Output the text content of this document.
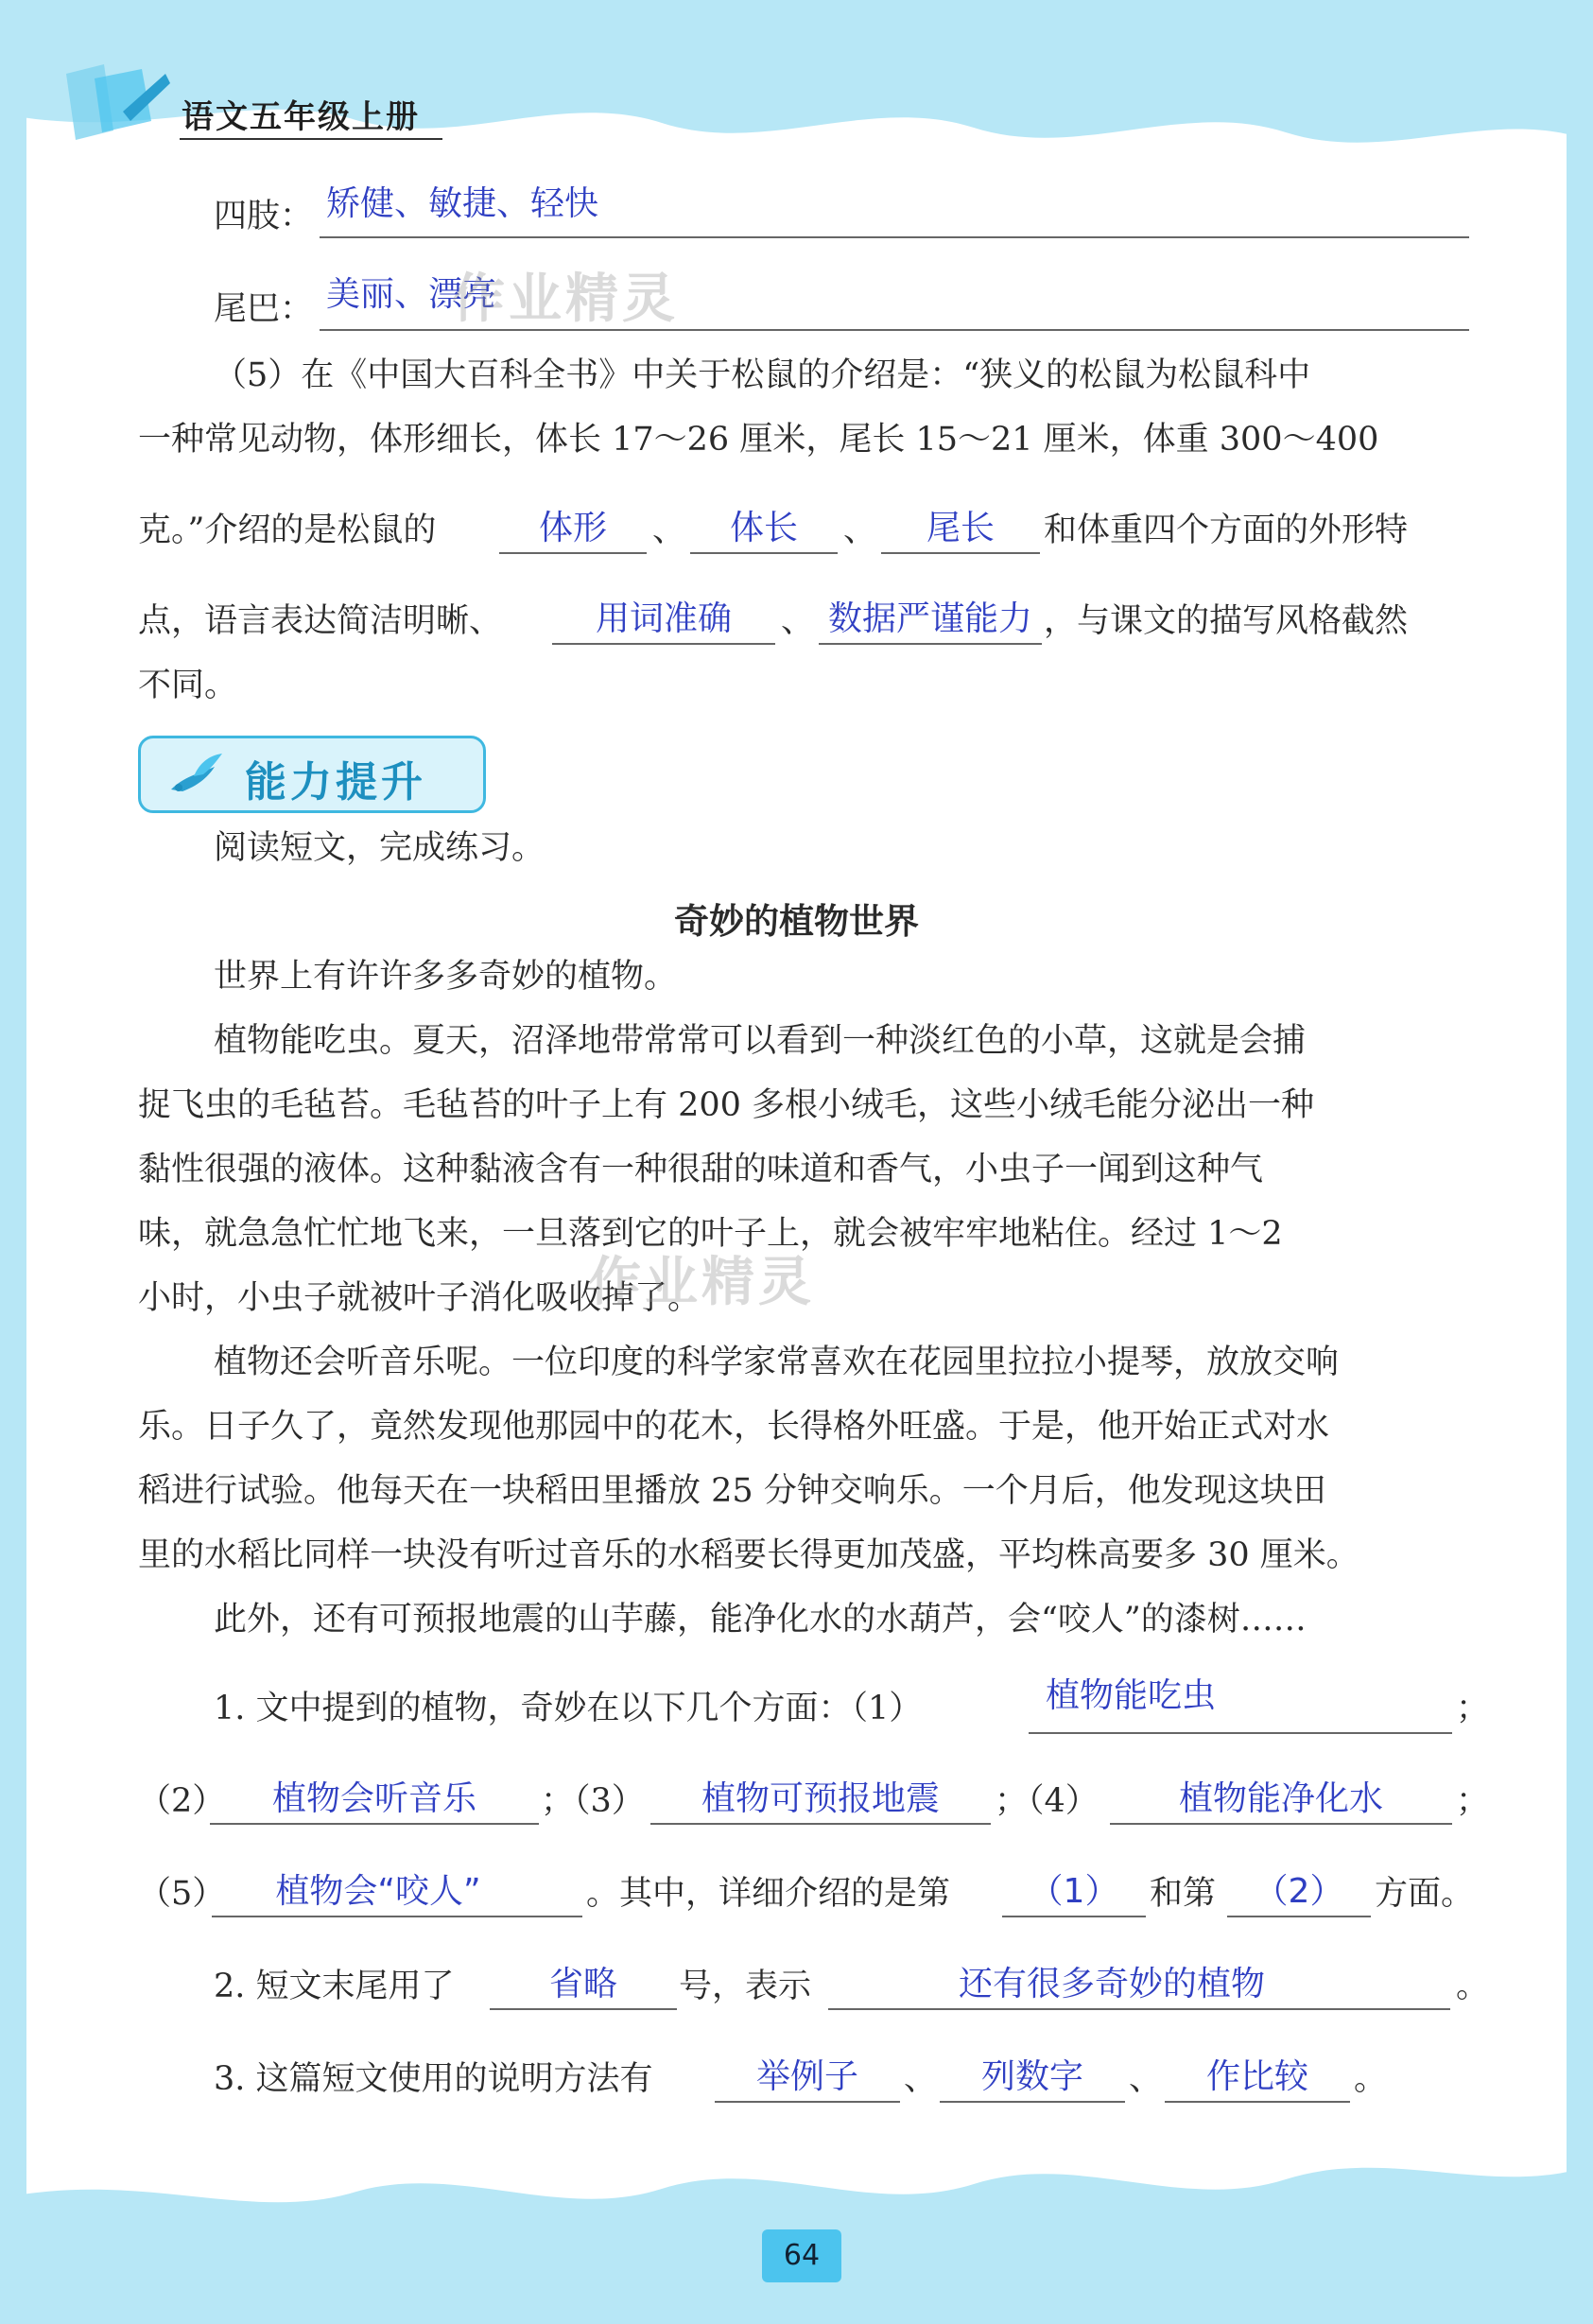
语文五年级上册
四肢： 矫健、敏捷、轻快
尾巴： 美丽、漂亮
作业精灵
（5）在《中国大百科全书》中关于松鼠的介绍是：“狭义的松鼠为松鼠科中
一种常见动物，体形细长，体长 17～26 厘米，尾长 15～21 厘米，体重 300～400
克。”介绍的是松鼠的	体形	、	体长	、	尾长	和体重四个方面的外形特
点，语言表达简洁明晰、	用词准确	、 数据严谨能力 ，与课文的描写风格截然
不同。
能力提升
阅读短文，完成练习。
奇妙的植物世界
世界上有许许多多奇妙的植物。
植物能吃虫。夏天，沼泽地带常常可以看到一种淡红色的小草，这就是会捕
捉飞虫的毛毡苔。毛毡苔的叶子上有 200 多根小绒毛，这些小绒毛能分泌出一种
黏性很强的液体。这种黏液含有一种很甜的味道和香气，小虫子一闻到这种气
味，就急急忙忙地飞来，一旦落到它的叶子上，就会被牢牢地粘住。经过 1～2
小时，小虫子就被叶子消化吸收掉了。
作业精灵
植物还会听音乐呢。一位印度的科学家常喜欢在花园里拉拉小提琴，放放交响
乐。日子久了，竟然发现他那园中的花木，长得格外旺盛。于是，他开始正式对水
稻进行试验。他每天在一块稻田里播放 25 分钟交响乐。一个月后，他发现这块田
里的水稻比同样一块没有听过音乐的水稻要长得更加茂盛，平均株高要多 30 厘米。
此外，还有可预报地震的山芋藤，能净化水的水葫芦，会“咬人”的漆树……
1. 文中提到的植物，奇妙在以下几个方面：（1）	植物能吃虫	；
（2）	植物会听音乐	；（3）	植物可预报地震	；（4）	植物能净化水	；
（5）	植物会“咬人”	。其中，详细介绍的是第	（1） 和第	（2） 方面。
2. 短文末尾用了	省略	号，表示	还有很多奇妙的植物	。
3. 这篇短文使用的说明方法有	举例子	、	列数字	、	作比较	。
64
